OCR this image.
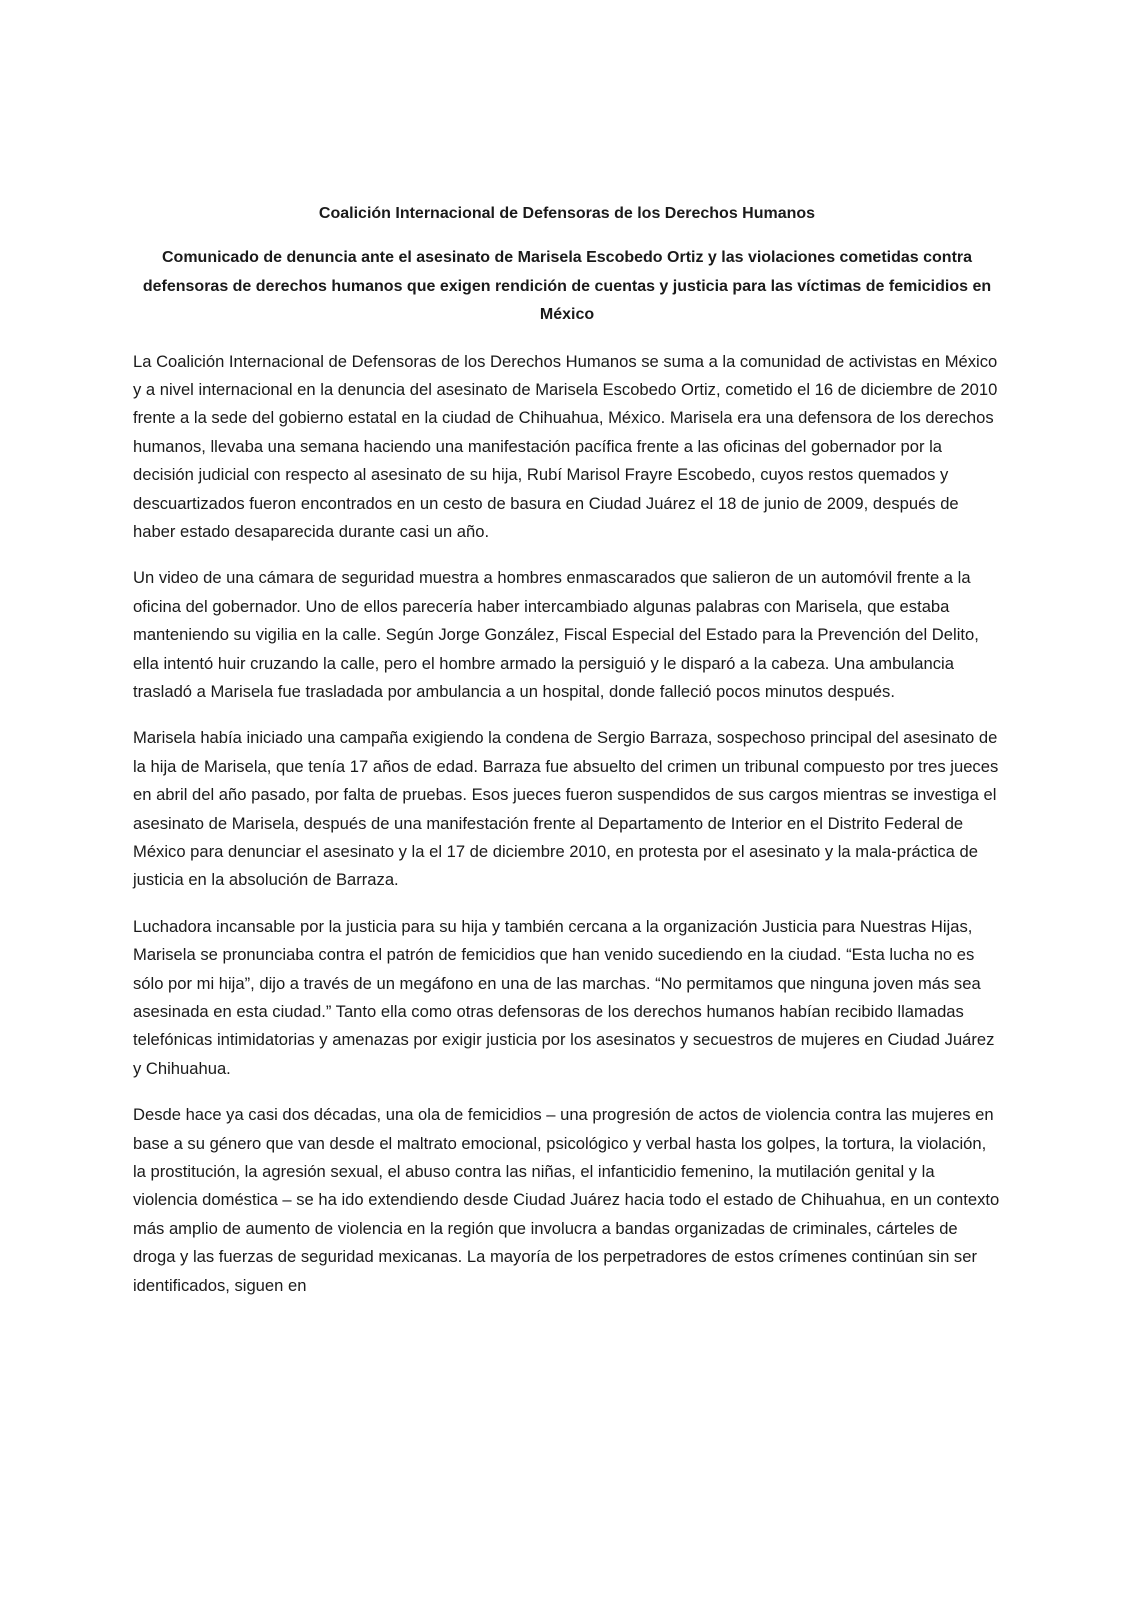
Coalición Internacional de Defensoras de los Derechos Humanos

Comunicado de denuncia ante el asesinato de Marisela Escobedo Ortiz y las violaciones cometidas contra defensoras de derechos humanos que exigen rendición de cuentas y justicia para las víctimas de femicidios en México

La Coalición Internacional de Defensoras de los Derechos Humanos se suma a la comunidad de activistas en México y a nivel internacional en la denuncia del asesinato de Marisela Escobedo Ortiz, cometido el 16 de diciembre de 2010 frente a la sede del gobierno estatal en la ciudad de Chihuahua, México. Marisela era una defensora de los derechos humanos, llevaba una semana haciendo una manifestación pacífica frente a las oficinas del gobernador por la decisión judicial con respecto al asesinato de su hija, Rubí Marisol Frayre Escobedo, cuyos restos quemados y descuartizados fueron encontrados en un cesto de basura en Ciudad Juárez el 18 de junio de 2009, después de haber estado desaparecida durante casi un año.

Un video de una cámara de seguridad muestra a hombres enmascarados que salieron de un automóvil frente a la oficina del gobernador. Uno de ellos parecería haber intercambiado algunas palabras con Marisela, que estaba manteniendo su vigilia en la calle. Según Jorge González, Fiscal Especial del Estado para la Prevención del Delito, ella intentó huir cruzando la calle, pero el hombre armado la persiguió y le disparó a la cabeza. Una ambulancia trasladó a Marisela fue trasladada por ambulancia a un hospital, donde falleció pocos minutos después.

Marisela había iniciado una campaña exigiendo la condena de Sergio Barraza, sospechoso principal del asesinato de la hija de Marisela, que tenía 17 años de edad. Barraza fue absuelto del crimen un tribunal compuesto por tres jueces en abril del año pasado, por falta de pruebas. Esos jueces fueron suspendidos de sus cargos mientras se investiga el asesinato de Marisela, después de una manifestación frente al Departamento de Interior en el Distrito Federal de México para denunciar el asesinato y la el 17 de diciembre 2010, en protesta por el asesinato y la mala-práctica de justicia en la absolución de Barraza.

Luchadora incansable por la justicia para su hija y también cercana a la organización Justicia para Nuestras Hijas, Marisela se pronunciaba contra el patrón de femicidios que han venido sucediendo en la ciudad. “Esta lucha no es sólo por mi hija”, dijo a través de un megáfono en una de las marchas. “No permitamos que ninguna joven más sea asesinada en esta ciudad.” Tanto ella como otras defensoras de los derechos humanos habían recibido llamadas telefónicas intimidatorias y amenazas por exigir justicia por los asesinatos y secuestros de mujeres en Ciudad Juárez y Chihuahua.

Desde hace ya casi dos décadas, una ola de femicidios – una progresión de actos de violencia contra las mujeres en base a su género que van desde el maltrato emocional, psicológico y verbal hasta los golpes, la tortura, la violación, la prostitución, la agresión sexual, el abuso contra las niñas, el infanticidio femenino, la mutilación genital y la violencia doméstica – se ha ido extendiendo desde Ciudad Juárez hacia todo el estado de Chihuahua, en un contexto más amplio de aumento de violencia en la región que involucra a bandas organizadas de criminales, cárteles de droga y las fuerzas de seguridad mexicanas. La mayoría de los perpetradores de estos crímenes continúan sin ser identificados, siguen en
